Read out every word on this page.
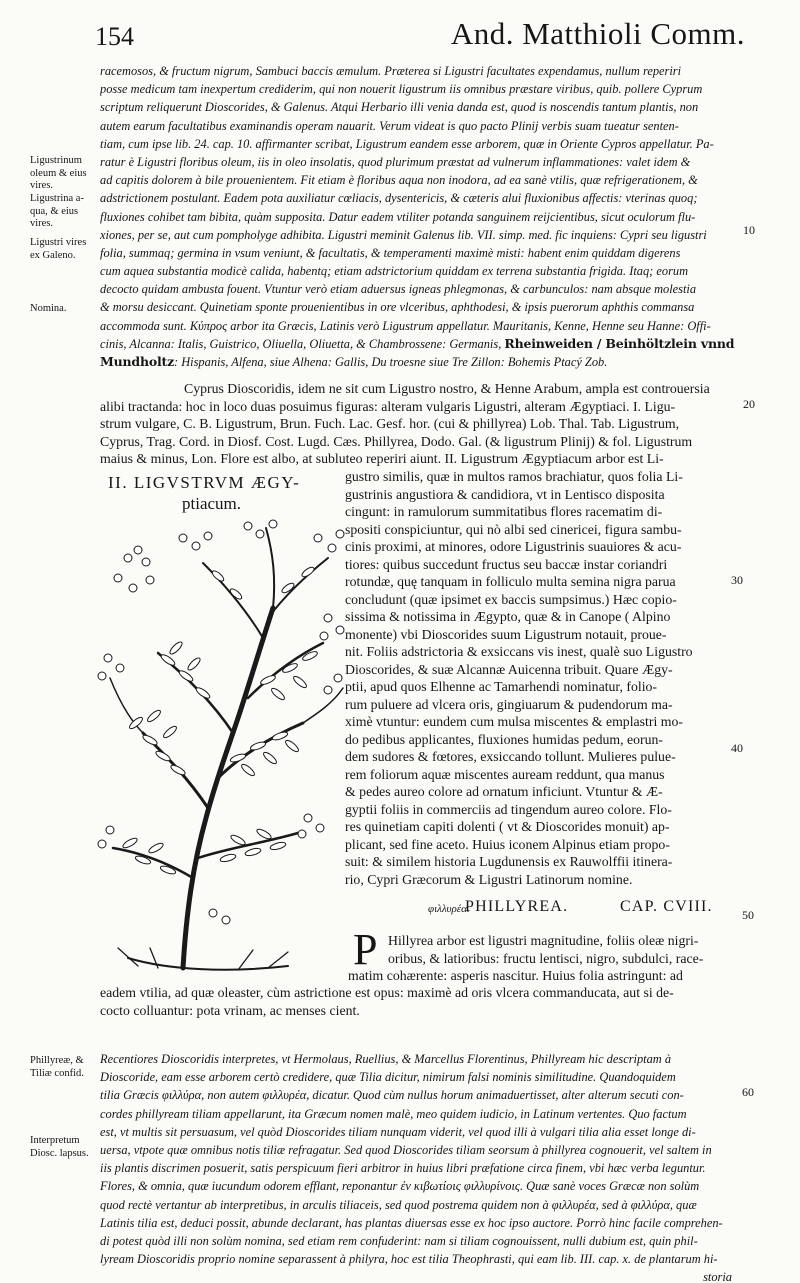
154	And. Matthioli Comm.
racemosos, & fructum nigrum, Sambuci baccis æmulum. Præterea si Ligustri facultates expendamus, nullum reperiri
posse medicum tam inexpertum crediderim, qui non nouerit ligustrum iis omnibus præstare viribus, quib. pollere Cyprum
scriptum reliquerunt Dioscorides, & Galenus. Atqui Herbario illi venia danda est, quod is noscendis tantum plantis, non
autem earum facultatibus examinandis operam nauarit. Verum videat is quo pacto Plinij verbis suam tueatur senten-
tiam, cum ipse lib. 24. cap. 10. affirmanter scribat, Ligustrum eandem esse arborem, quæ in Oriente Cypros appellatur. Pa-
ratur è Ligustri floribus oleum, iis in oleo insolatis, quod plurimum præstat ad vulnerum inflammationes: valet idem &
ad capitis dolorem à bile prouenientem. Fit etiam è floribus aqua non inodora, ad ea sanè vtilis, quæ refrigerationem, &
adstrictionem postulant. Eadem pota auxiliatur cœliacis, dysentericis, & cæteris alui fluxionibus affectis: vterinas quoq;
fluxiones cohibet tam bibita, quàm supposita. Datur eadem vtiliter potanda sanguinem reijcientibus, sicut oculorum flu-
xiones, per se, aut cum pompholyge adhibita. Ligustri meminit Galenus lib. VII. simp. med. fic inquiens: Cypri seu ligustri
folia, summaq; germina in vsum veniunt, & facultatis, & temperamenti maximè misti: habent enim quiddam digerens
cum aquea substantia modicè calida, habentq; etiam adstrictorium quiddam ex terrena substantia frigida. Itaq; eorum
decocto quidam ambusta fouent. Vtuntur verò etiam aduersus igneas phlegmonas, & carbunculos: nam absque molestia
& morsu desiccant. Quinetiam sponte prouenientibus in ore vlceribus, aphthodesi, & ipsis puerorum aphthis commansa
accommoda sunt. Κύπρος arbor ita Græcis, Latinis verò Ligustrum appellatur. Mauritanis, Kenne, Henne seu Hanne: Offi-
cinis, Alcanna: Italis, Guistrico, Oliuella, Oliuetta, & Chambrossene: Germanis, Rheinweiden / Beinhöltzlein vnnd
Mundholtz: Hispanis, Alfena, siue Alhena: Gallis, Du troesne siue Tre Zillon: Bohemis Ptacý Zob.
Ligustrinum
oleum & eius
vires.
Ligustrina a-
qua, & eius
vires.
Ligustri vires
ex Galeno.
Nomina.
Phillyreæ, &
Tiliæ confid.
Interpretum
Diosc. lapsus.
10
20
30
40
50
60
Cyprus Dioscoridis, idem ne sit cum Ligustro nostro, & Henne Arabum, ampla est controuersia
alibi tractanda: hoc in loco duas posuimus figuras: alteram vulgaris Ligustri, alteram Ægyptiaci. I. Ligu-
strum vulgare, C. B. Ligustrum, Brun. Fuch. Lac. Gesf. hor. (cui & phillyrea) Lob. Thal. Tab. Ligustrum,
Cyprus, Trag. Cord. in Diosf. Cost. Lugd. Cæs. Phillyrea, Dodo. Gal. (& ligustrum Plinij) & fol. Ligustrum
maius & minus, Lon. Flore est albo, at subluteo reperiri aiunt. II. Ligustrum Ægyptiacum arbor est Li-
II. LIGVSTRVM ÆGY-
ptiacum.
gustro similis, quæ in multos ramos brachiatur, quos folia Li-
gustrinis angustiora & candidiora, vt in Lentisco disposita
cingunt: in ramulorum summitatibus flores racematim di-
spositi conspiciuntur, qui nò albi sed cinericei, figura sambu-
cinis proximi, at minores, odore Ligustrinis suauiores & acu-
tiores: quibus succedunt fructus seu baccæ instar coriandri
rotundæ, quę tanquam in folliculo multa semina nigra parua
concludunt (quæ ipsimet ex baccis sumpsimus.) Hæc copio-
sissima & notissima in Ægypto, quæ & in Canope ( Alpino
monente) vbi Dioscorides suum Ligustrum notauit, proue-
nit. Foliis adstrictoria & exsiccans vis inest, qualè suo Ligustro
Dioscorides, & suæ Alcannæ Auicenna tribuit. Quare Ægy-
ptii, apud quos Elhenne ac Tamarhendi nominatur, folio-
rum puluere ad vlcera oris, gingiuarum & pudendorum ma-
ximè vtuntur: eundem cum mulsa miscentes & emplastri mo-
do pedibus applicantes, fluxiones humidas pedum, eorun-
dem sudores & fœtores, exsiccando tollunt. Mulieres pulue-
rem foliorum aquæ miscentes auream reddunt, qua manus
& pedes aureo colore ad ornatum inficiunt. Vtuntur & Æ-
gyptii foliis in commerciis ad tingendum aureo colore. Flo-
res quinetiam capiti dolenti ( vt & Dioscorides monuit) ap-
plicant, sed fine aceto. Huius iconem Alpinus etiam propo-
suit: & similem historia Lugdunensis ex Rauwolffii itinera-
rio, Cypri Græcorum & Ligustri Latinorum nomine.
φιλλυρέα.
PHILLYREA.	CAP. CVIII.
P Hillyrea arbor est ligustri magnitudine, foliis oleæ nigri-
oribus, & latioribus: fructu lentisci, nigro, subdulci, race-
matim cohærente: asperis nascitur. Huius folia astringunt: ad
eadem vtilia, ad quæ oleaster, cùm astrictione est opus: maximè ad oris vlcera commanducata, aut si de-
cocto colluantur: pota vrinam, ac menses cient.
Recentiores Dioscoridis interpretes, vt Hermolaus, Ruellius, & Marcellus Florentinus, Phillyream hic descriptam à
Dioscoride, eam esse arborem certò credidere, quæ Tilia dicitur, nimirum falsi nominis similitudine. Quandoquidem
tilia Græcis φιλλύρα, non autem φιλλυρέα, dicatur. Quod cùm nullus horum animaduertisset, alter alterum secuti con-
cordes phillyream tiliam appellarunt, ita Græcum nomen malè, meo quidem iudicio, in Latinum vertentes. Quo factum
est, vt multis sit persuasum, vel quòd Dioscorides tiliam nunquam viderit, vel quod illi à vulgari tilia alia esset longe di-
uersa, vtpote quæ omnibus notis tiliæ refragatur. Sed quod Dioscorides tiliam seorsum à phillyrea cognouerit, vel saltem in
iis plantis discrimen posuerit, satis perspicuum fieri arbitror in huius libri præfatione circa finem, vbi hæc verba leguntur.
Flores, & omnia, quæ iucundum odorem efflant, reponantur ἐν κιβωτίοις φιλλυρίνοις. Quæ sanè voces Græcæ non solùm
quod rectè vertantur ab interpretibus, in arculis tiliaceis, sed quod postrema quidem non à φιλλυρέα, sed à φιλλύρα, quæ
Latinis tilia est, deduci possit, abunde declarant, has plantas diuersas esse ex hoc ipso auctore. Porrò hinc facile comprehen-
di potest quòd illi non solùm nomina, sed etiam rem confuderint: nam si tiliam cognouissent, nulli dubium est, quin phil-
lyream Dioscoridis proprio nomine separassent à philyra, hoc est tilia Theophrasti, qui eam lib. III. cap. x. de plantarum hi-
storia
